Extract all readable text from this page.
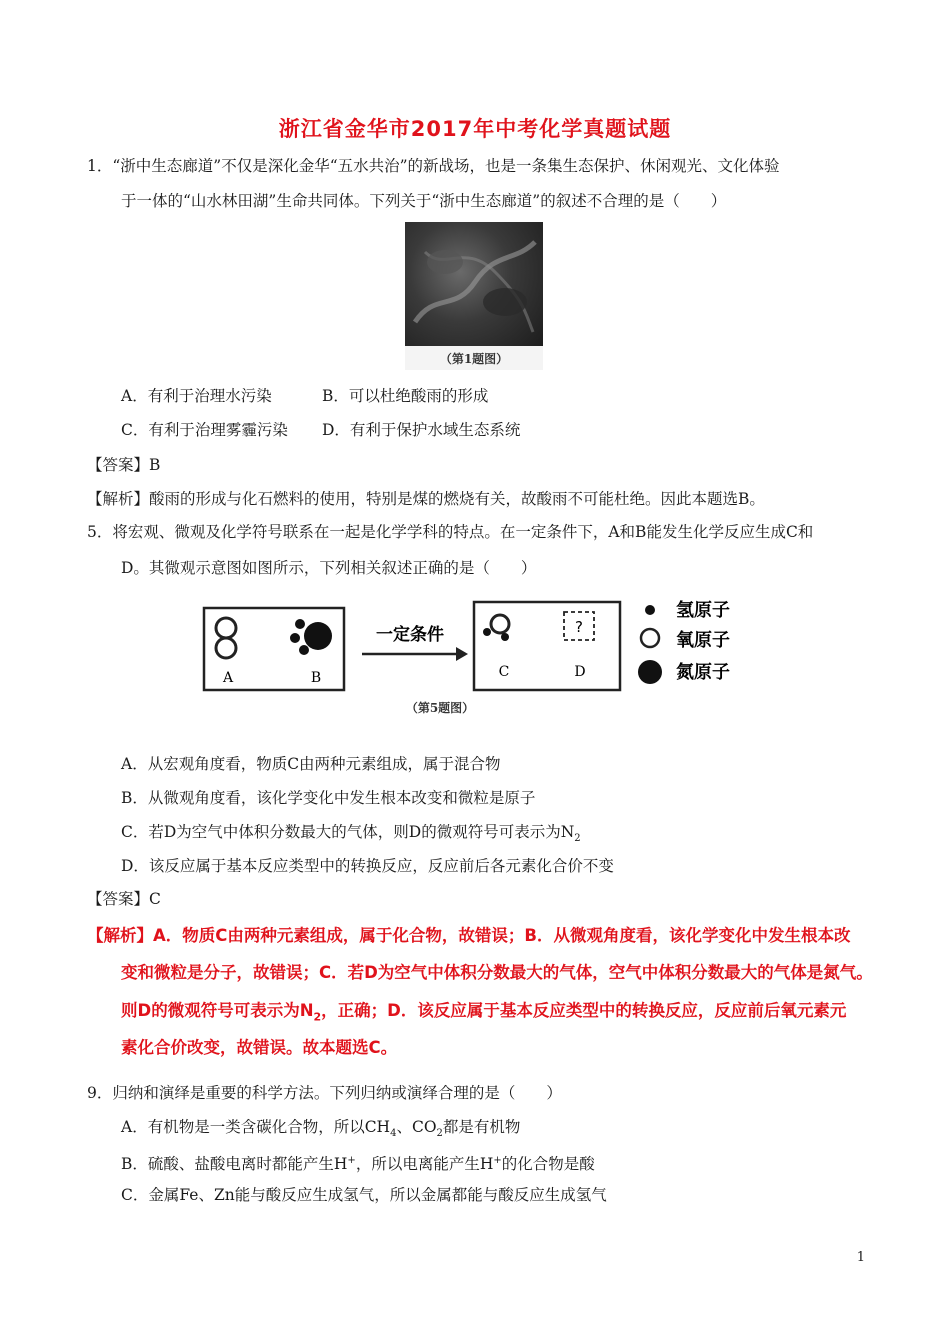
浙江省金华市2017年中考化学真题试题
1．“浙中生态廊道”不仅是深化金华“五水共治”的新战场，也是一条集生态保护、休闲观光、文化体验
于一体的“山水林田湖”生命共同体。下列关于“浙中生态廊道”的叙述不合理的是（　　）
（第1题图）
A．有利于治理水污染	B．可以杜绝酸雨的形成
C．有利于治理雾霾污染 D．有利于保护水域生态系统
【答案】B
【解析】酸雨的形成与化石燃料的使用，特别是煤的燃烧有关，故酸雨不可能杜绝。因此本题选B。
5．将宏观、微观及化学符号联系在一起是化学学科的特点。在一定条件下，A和B能发生化学反应生成C和
D。其微观示意图如图所示，下列相关叙述正确的是（　　）
A	B
一定条件	?
C	D
氢原子
氧原子
氮原子
（第5题图）
A．从宏观角度看，物质C由两种元素组成，属于混合物
B．从微观角度看，该化学变化中发生根本改变和微粒是原子
C．若D为空气中体积分数最大的气体，则D的微观符号可表示为$N_2$
D．该反应属于基本反应类型中的转换反应，反应前后各元素化合价不变
【答案】C
【解析】A．物质C由两种元素组成，属于化合物，故错误；B．从微观角度看，该化学变化中发生根本改
变和微粒是分子，故错误；C．若D为空气中体积分数最大的气体，空气中体积分数最大的气体是氮气。
则D的微观符号可表示为$N_2$，正确；D．该反应属于基本反应类型中的转换反应，反应前后氧元素元
素化合价改变，故错误。故本题选C。
9．归纳和演绎是重要的科学方法。下列归纳或演绎合理的是（　　）
A．有机物是一类含碳化合物，所以$CH_4$、$CO_2$都是有机物
B．硫酸、盐酸电离时都能产生H+，所以电离能产生H+的化合物是酸
C．金属Fe、Zn能与酸反应生成氢气，所以金属都能与酸反应生成氢气
1
